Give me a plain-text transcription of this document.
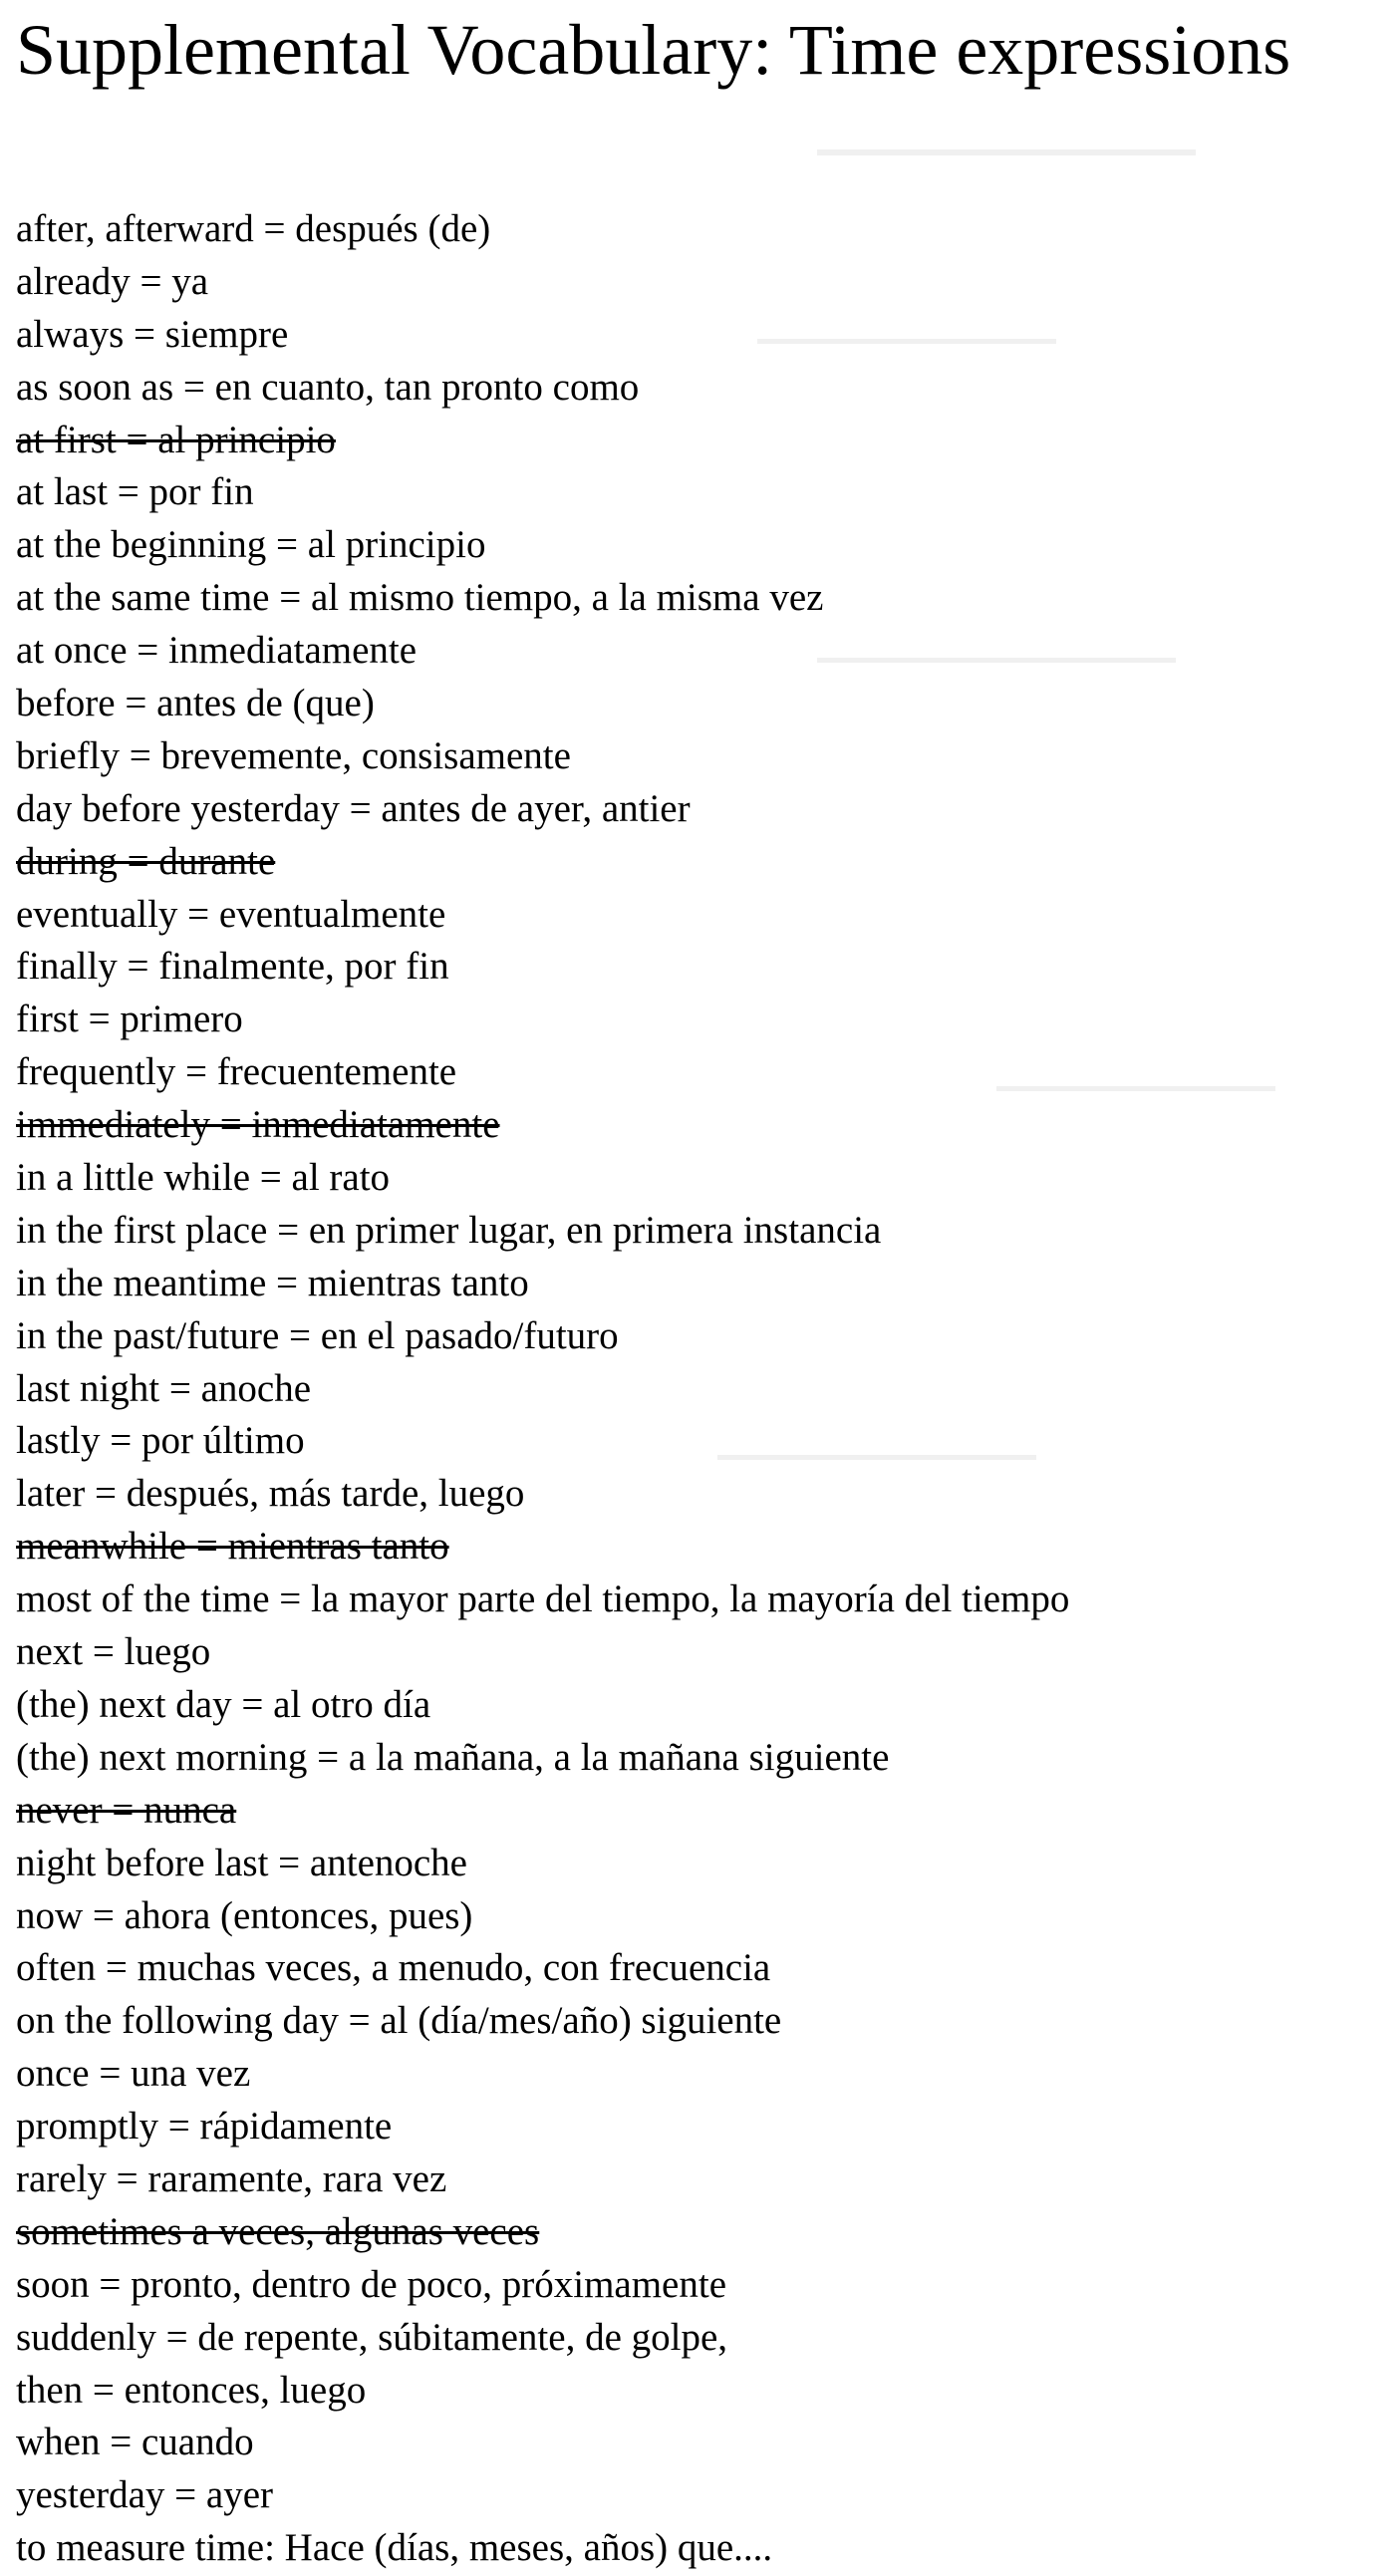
Supplemental Vocabulary: Time expressions
after, afterward = después (de)
already = ya
always = siempre
as soon as = en cuanto, tan pronto como
at first = al principio
at last = por fin
at the beginning = al principio
at the same time = al mismo tiempo, a la misma vez
at once = inmediatamente
before = antes de (que)
briefly = brevemente, consisamente
day before yesterday = antes de ayer, antier
during = durante
eventually = eventualmente
finally = finalmente, por fin
first = primero
frequently = frecuentemente
immediately = inmediatamente
in a little while = al rato
in the first place = en primer lugar, en primera instancia
in the meantime = mientras tanto
in the past/future = en el pasado/futuro
last night = anoche
lastly = por último
later = después, más tarde, luego
meanwhile = mientras tanto
most of the time = la mayor parte del tiempo, la mayoría del tiempo
next = luego
(the) next day = al otro día
(the) next morning = a la mañana, a la mañana siguiente
never = nunca
night before last = antenoche
now = ahora (entonces, pues)
often = muchas veces, a menudo, con frecuencia
on the following day = al (día/mes/año) siguiente
once = una vez
promptly = rápidamente
rarely = raramente, rara vez
sometimes a veces, algunas veces
soon = pronto, dentro de poco, próximamente
suddenly = de repente, súbitamente, de golpe,
then = entonces, luego
when = cuando
yesterday = ayer
to measure time: Hace (días, meses, años) que....
